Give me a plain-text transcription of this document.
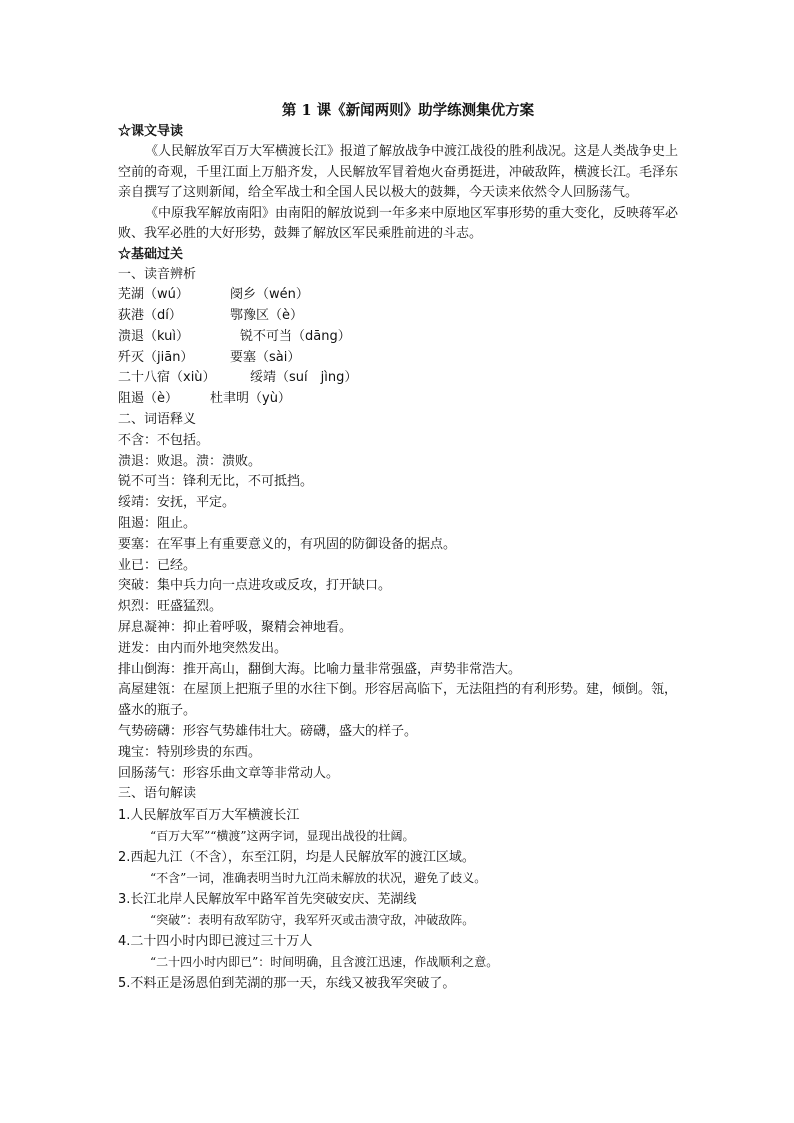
第 1 课《新闻两则》助学练测集优方案
☆课文导读

《人民解放军百万大军横渡长江》报道了解放战争中渡江战役的胜利战况。这是人类战争史上空前的奇观，千里江面上万船齐发，人民解放军冒着炮火奋勇挺进，冲破敌阵，横渡长江。毛泽东亲自撰写了这则新闻，给全军战士和全国人民以极大的鼓舞，今天读来依然令人回肠荡气。

《中原我军解放南阳》由南阳的解放说到一年多来中原地区军事形势的重大变化，反映蒋军必败、我军必胜的大好形势，鼓舞了解放区军民乘胜前进的斗志。

☆基础过关
一、读音辨析
芜湖（wú）	阌乡（wén）
荻港（dí）	鄂豫区（è）
溃退（kuì）	锐不可当（dāng）
歼灭（jiān）	要塞（sài）
二十八宿（xiù）	绥靖（suí　jìng）
阻遏（è） 杜聿明（yù）
二、词语释义
不含：不包括。
溃退：败退。溃：溃败。
锐不可当：锋利无比，不可抵挡。
绥靖：安抚，平定。
阻遏：阻止。
要塞：在军事上有重要意义的，有巩固的防御设备的据点。
业已：已经。
突破：集中兵力向一点进攻或反攻，打开缺口。
炽烈：旺盛猛烈。
屏息凝神：抑止着呼吸，聚精会神地看。
迸发：由内而外地突然发出。
排山倒海：推开高山，翻倒大海。比喻力量非常强盛，声势非常浩大。
高屋建瓴：在屋顶上把瓶子里的水往下倒。形容居高临下，无法阻挡的有利形势。建，倾倒。瓴，盛水的瓶子。
气势磅礴：形容气势雄伟壮大。磅礴，盛大的样子。
瑰宝：特别珍贵的东西。
回肠荡气：形容乐曲文章等非常动人。
三、语句解读
1.人民解放军百万大军横渡长江
“百万大军”“横渡”这两字词，显现出战役的壮阔。
2.西起九江（不含），东至江阴，均是人民解放军的渡江区域。
“不含”一词，准确表明当时九江尚未解放的状况，避免了歧义。
3.长江北岸人民解放军中路军首先突破安庆、芜湖线
“突破”：表明有敌军防守，我军歼灭或击溃守敌，冲破敌阵。
4.二十四小时内即已渡过三十万人
“二十四小时内即已”：时间明确，且含渡江迅速，作战顺利之意。
5.不料正是汤恩伯到芜湖的那一天，东线又被我军突破了。
